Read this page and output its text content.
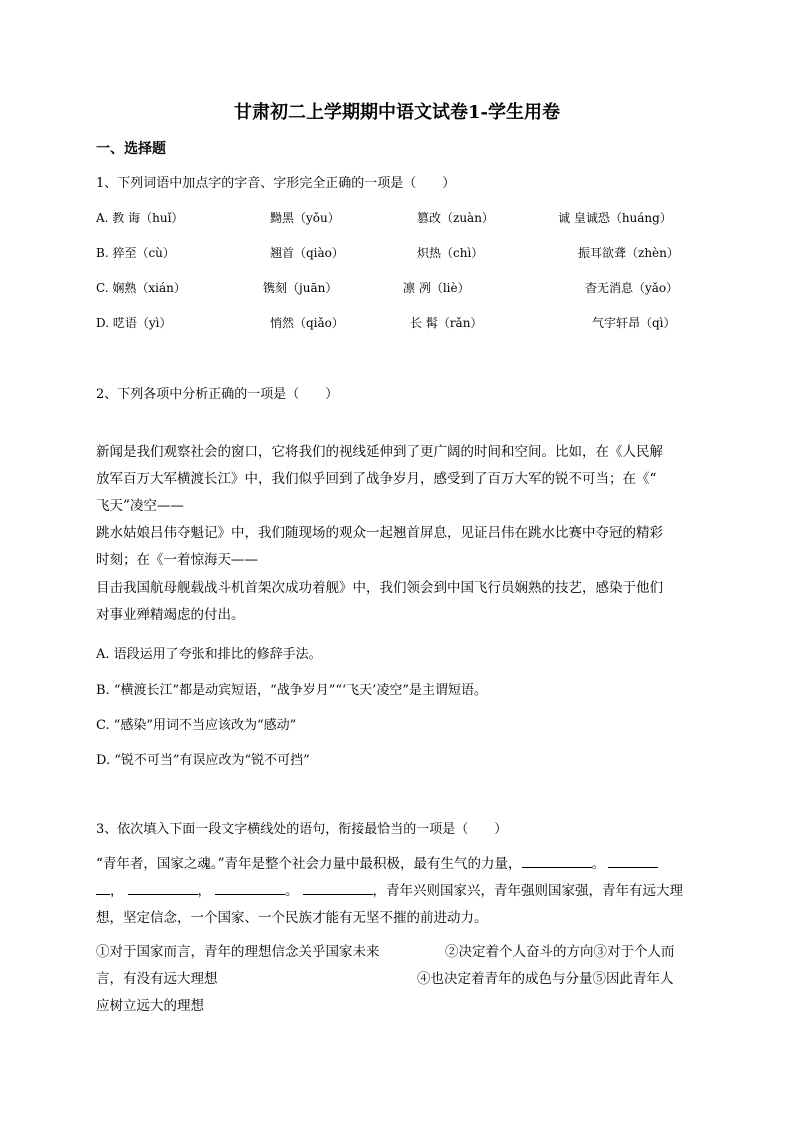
甘肃初二上学期期中语文试卷1-学生用卷
一、选择题
1、下列词语中加点字的字音、字形完全正确的一项是（　　）
A. 教 诲（huǐ）	黝黑（yǒu）	篡改（zuàn）	诚 皇诚恐（huáng）
B. 猝至（cù）	翘首（qiào）	炽热（chì）	振耳欲聋（zhèn）
C. 娴熟（xián）	镌刻（juān）	凛 冽（liè）	杳无消息（yǎo）
D. 呓语（yì）	悄然（qiǎo）	长 髯（rǎn）	气宇轩昂（qì）
2、下列各项中分析正确的一项是（　　）
新闻是我们观察社会的窗口，它将我们的视线延伸到了更广阔的时间和空间。比如，在《人民解
放军百万大军横渡长江》中，我们似乎回到了战争岁月，感受到了百万大军的锐不可当；在《“
飞天”凌空——
跳水姑娘吕伟夺魁记》中，我们随现场的观众一起翘首屏息，见证吕伟在跳水比赛中夺冠的精彩
时刻；在《一着惊海天——
目击我国航母舰载战斗机首架次成功着舰》中，我们领会到中国飞行员娴熟的技艺，感染于他们
对事业殚精竭虑的付出。
A. 语段运用了夸张和排比的修辞手法。
B. “横渡长江”都是动宾短语，“战争岁月”“‘飞天’凌空”是主谓短语。
C. “感染”用词不当应该改为“感动”
D. “锐不可当”有误应改为“锐不可挡”
3、依次填入下面一段文字横线处的语句，衔接最恰当的一项是（　　）
“青年者，国家之魂。”青年是整个社会力量中最积极，最有生气的力量，	。
，	，	。	，青年兴则国家兴，青年强则国家强，青年有远大理
想，坚定信念，一个国家、一个民族才能有无坚不摧的前进动力。
①对于国家而言，青年的理想信念关乎国家未来	②决定着个人奋斗的方向③对于个人而
言，有没有远大理想	④也决定着青年的成色与分量⑤因此青年人
应树立远大的理想
